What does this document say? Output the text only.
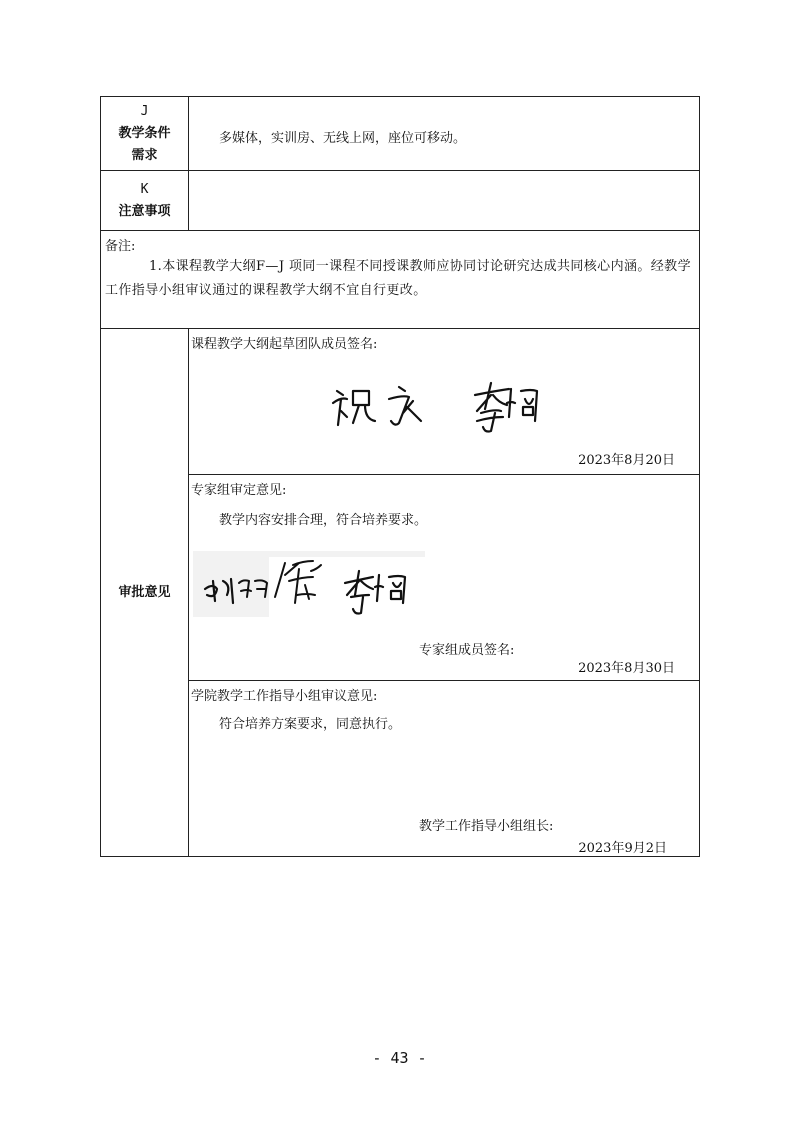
J
教学条件
需求	多媒体，实训房、无线上网，座位可移动。

K
注意事项	

备注:
1.本课程教学大纲F—J 项同一课程不同授课教师应协同讨论研究达成共同核心内涵。经教学工作指导小组审议通过的课程教学大纲不宜自行更改。	

审批意见	课程教学大纲起草团队成员签名:
2023年8月20日

	专家组审定意见:
教学内容安排合理，符合培养要求。
专家组成员签名:
2023年8月30日

	学院教学工作指导小组审议意见:
符合培养方案要求，同意执行。
教学工作指导小组组长:
2023年9月2日
- 43 -
